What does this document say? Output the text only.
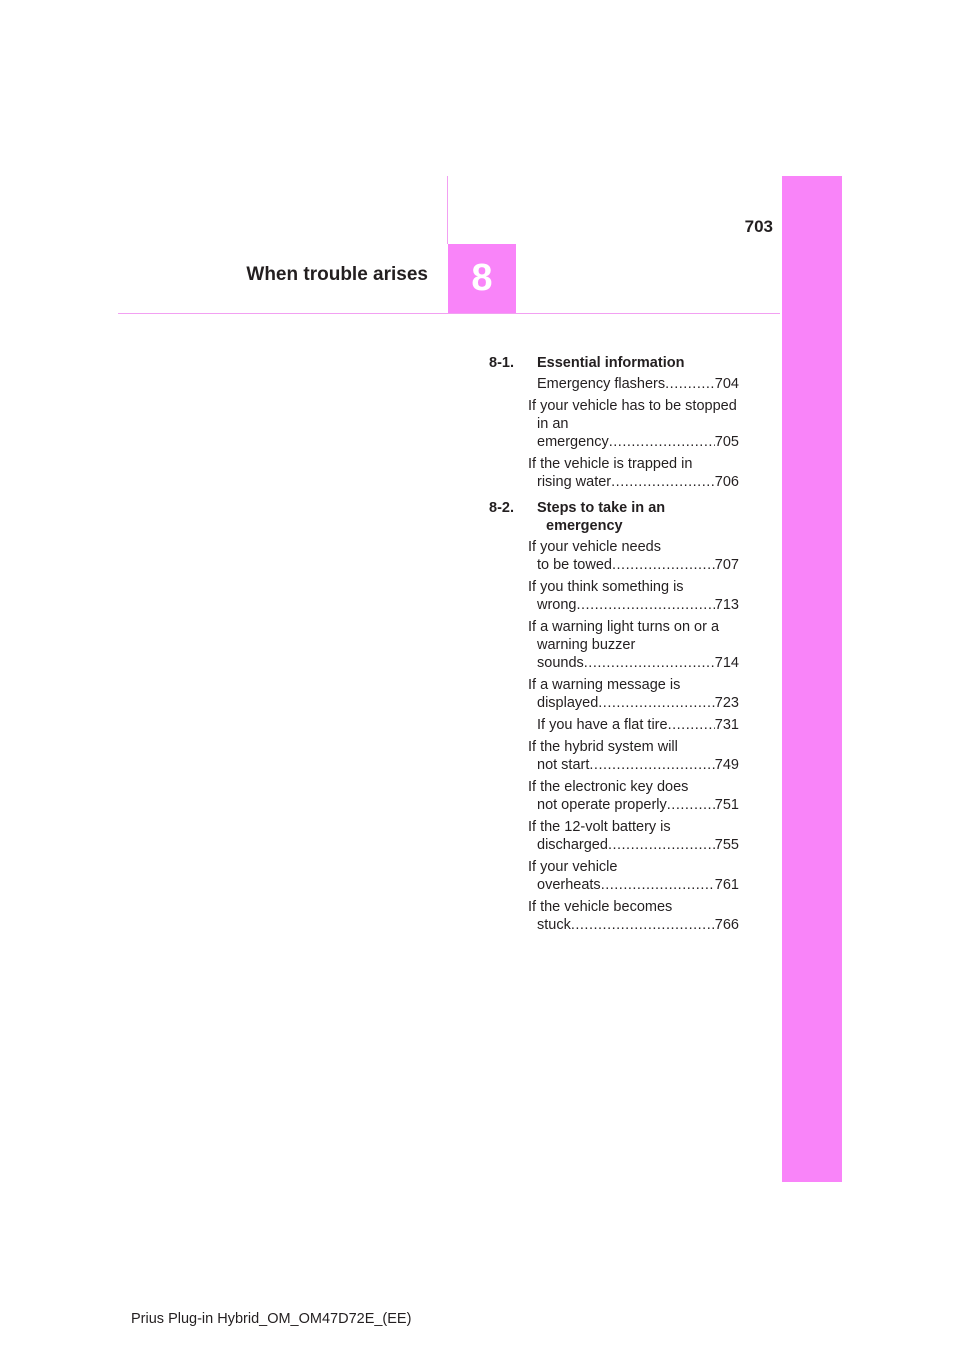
8
When trouble arises
703
8-1. Essential information
Emergency flashers .....	704
If your vehicle has to be stopped in an
emergency .....	705
If the vehicle is trapped in
rising water .....	706
8-2. Steps to take in an emergency
If your vehicle needs
to be towed .....	707
If you think something is
wrong .....	713
If a warning light turns on or a warning buzzer
sounds .....	714
If a warning message is
displayed .....	723
If you have a flat tire .....	731
If the hybrid system will
not start .....	749
If the electronic key does
not operate properly .....	751
If the 12-volt battery is
discharged .....	755
If your vehicle
overheats .....	761
If the vehicle becomes
stuck .....	766
Prius Plug-in Hybrid_OM_OM47D72E_(EE)
